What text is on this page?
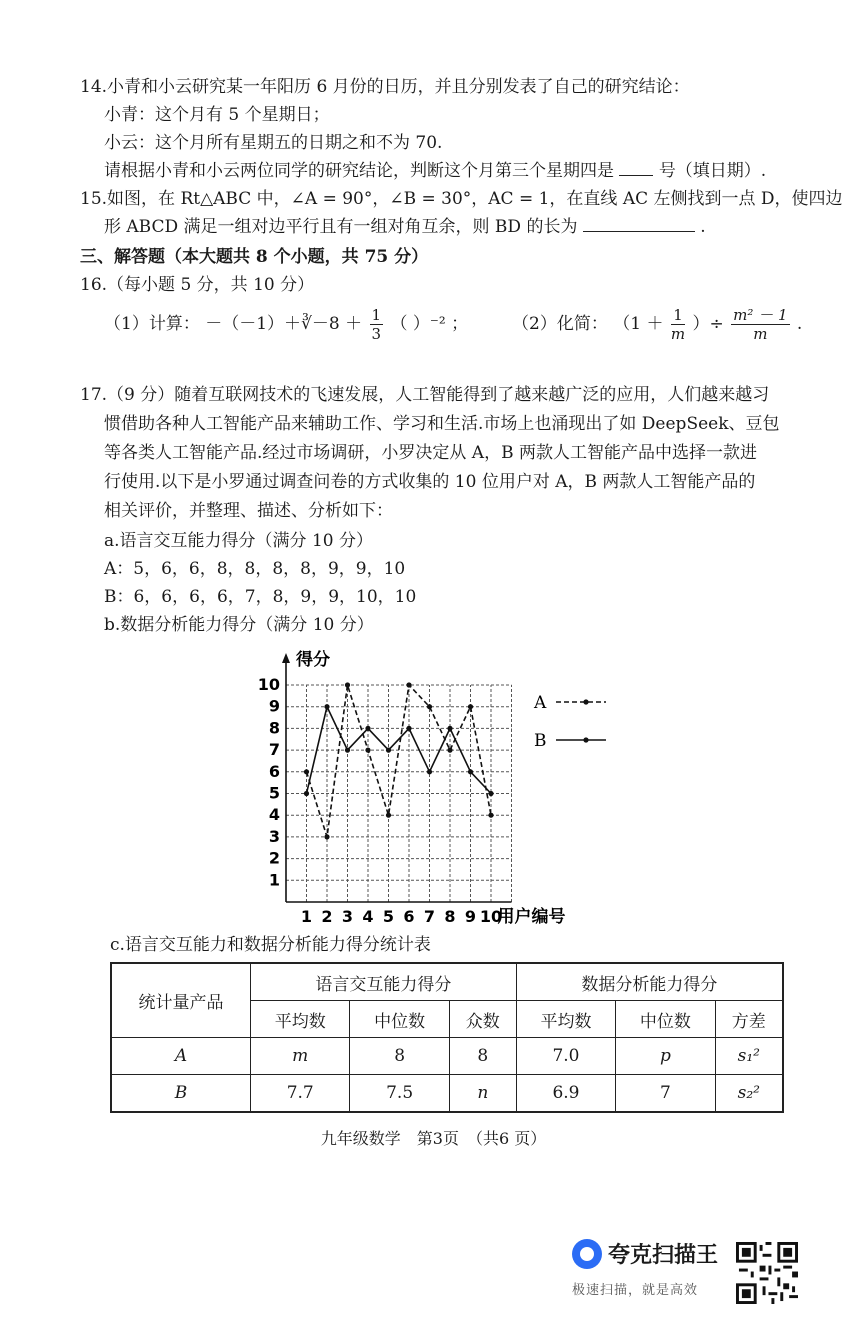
14.小青和小云研究某一年阳历 6 月份的日历，并且分别发表了自己的研究结论：
小青：这个月有 5 个星期日；
小云：这个月所有星期五的日期之和不为 70.
请根据小青和小云两位同学的研究结论，判断这个月第三个星期四是	号（填日期）.
15.如图，在 Rt△ABC 中，∠A = 90°，∠B = 30°，AC = 1，在直线 AC 左侧找到一点 D，使四边
形 ABCD 满足一组对边平行且有一组对角互余，则 BD 的长为	.
三、解答题（本大题共 8 个小题，共 75 分）
16.（每小题 5 分，共 10 分）
（1）计算： －（－1）＋∛－8 ＋ $\frac{1}{3}$ （ ）⁻² ；	（2）化简： （$1 + \frac{1}{m}$ ）÷ $\frac{\text{m² － 1}}{m}$ .
17.（9 分）随着互联网技术的飞速发展，人工智能得到了越来越广泛的应用，人们越来越习
惯借助各种人工智能产品来辅助工作、学习和生活.市场上也涌现出了如 DeepSeek、豆包
等各类人工智能产品.经过市场调研，小罗决定从 A，B 两款人工智能产品中选择一款进
行使用.以下是小罗通过调查问卷的方式收集的 10 位用户对 A，B 两款人工智能产品的
相关评价，并整理、描述、分析如下：
a.语言交互能力得分（满分 10 分）
A：5，6，6，8，8，8，8，9，9，10
B：6，6，6，6，7，8，9，9，10，10
b.数据分析能力得分（满分 10 分）
得分
用户编号
1
2
3
4
5
6
7
8
9
10
1 2 3 4 5 6 7 8 9 10
A
B
c.语言交互能力和数据分析能力得分统计表
统计量产品	语言交互能力得分			数据分析能力得分		
	平均数	中位数	众数	平均数	中位数	方差
A	m	8	8	7.0	p	s₁²
B	7.7	7.5	n	6.9	7	s₂²
九年级数学　第3页　（共6 页）
夸克扫描王
极速扫描，就是高效
